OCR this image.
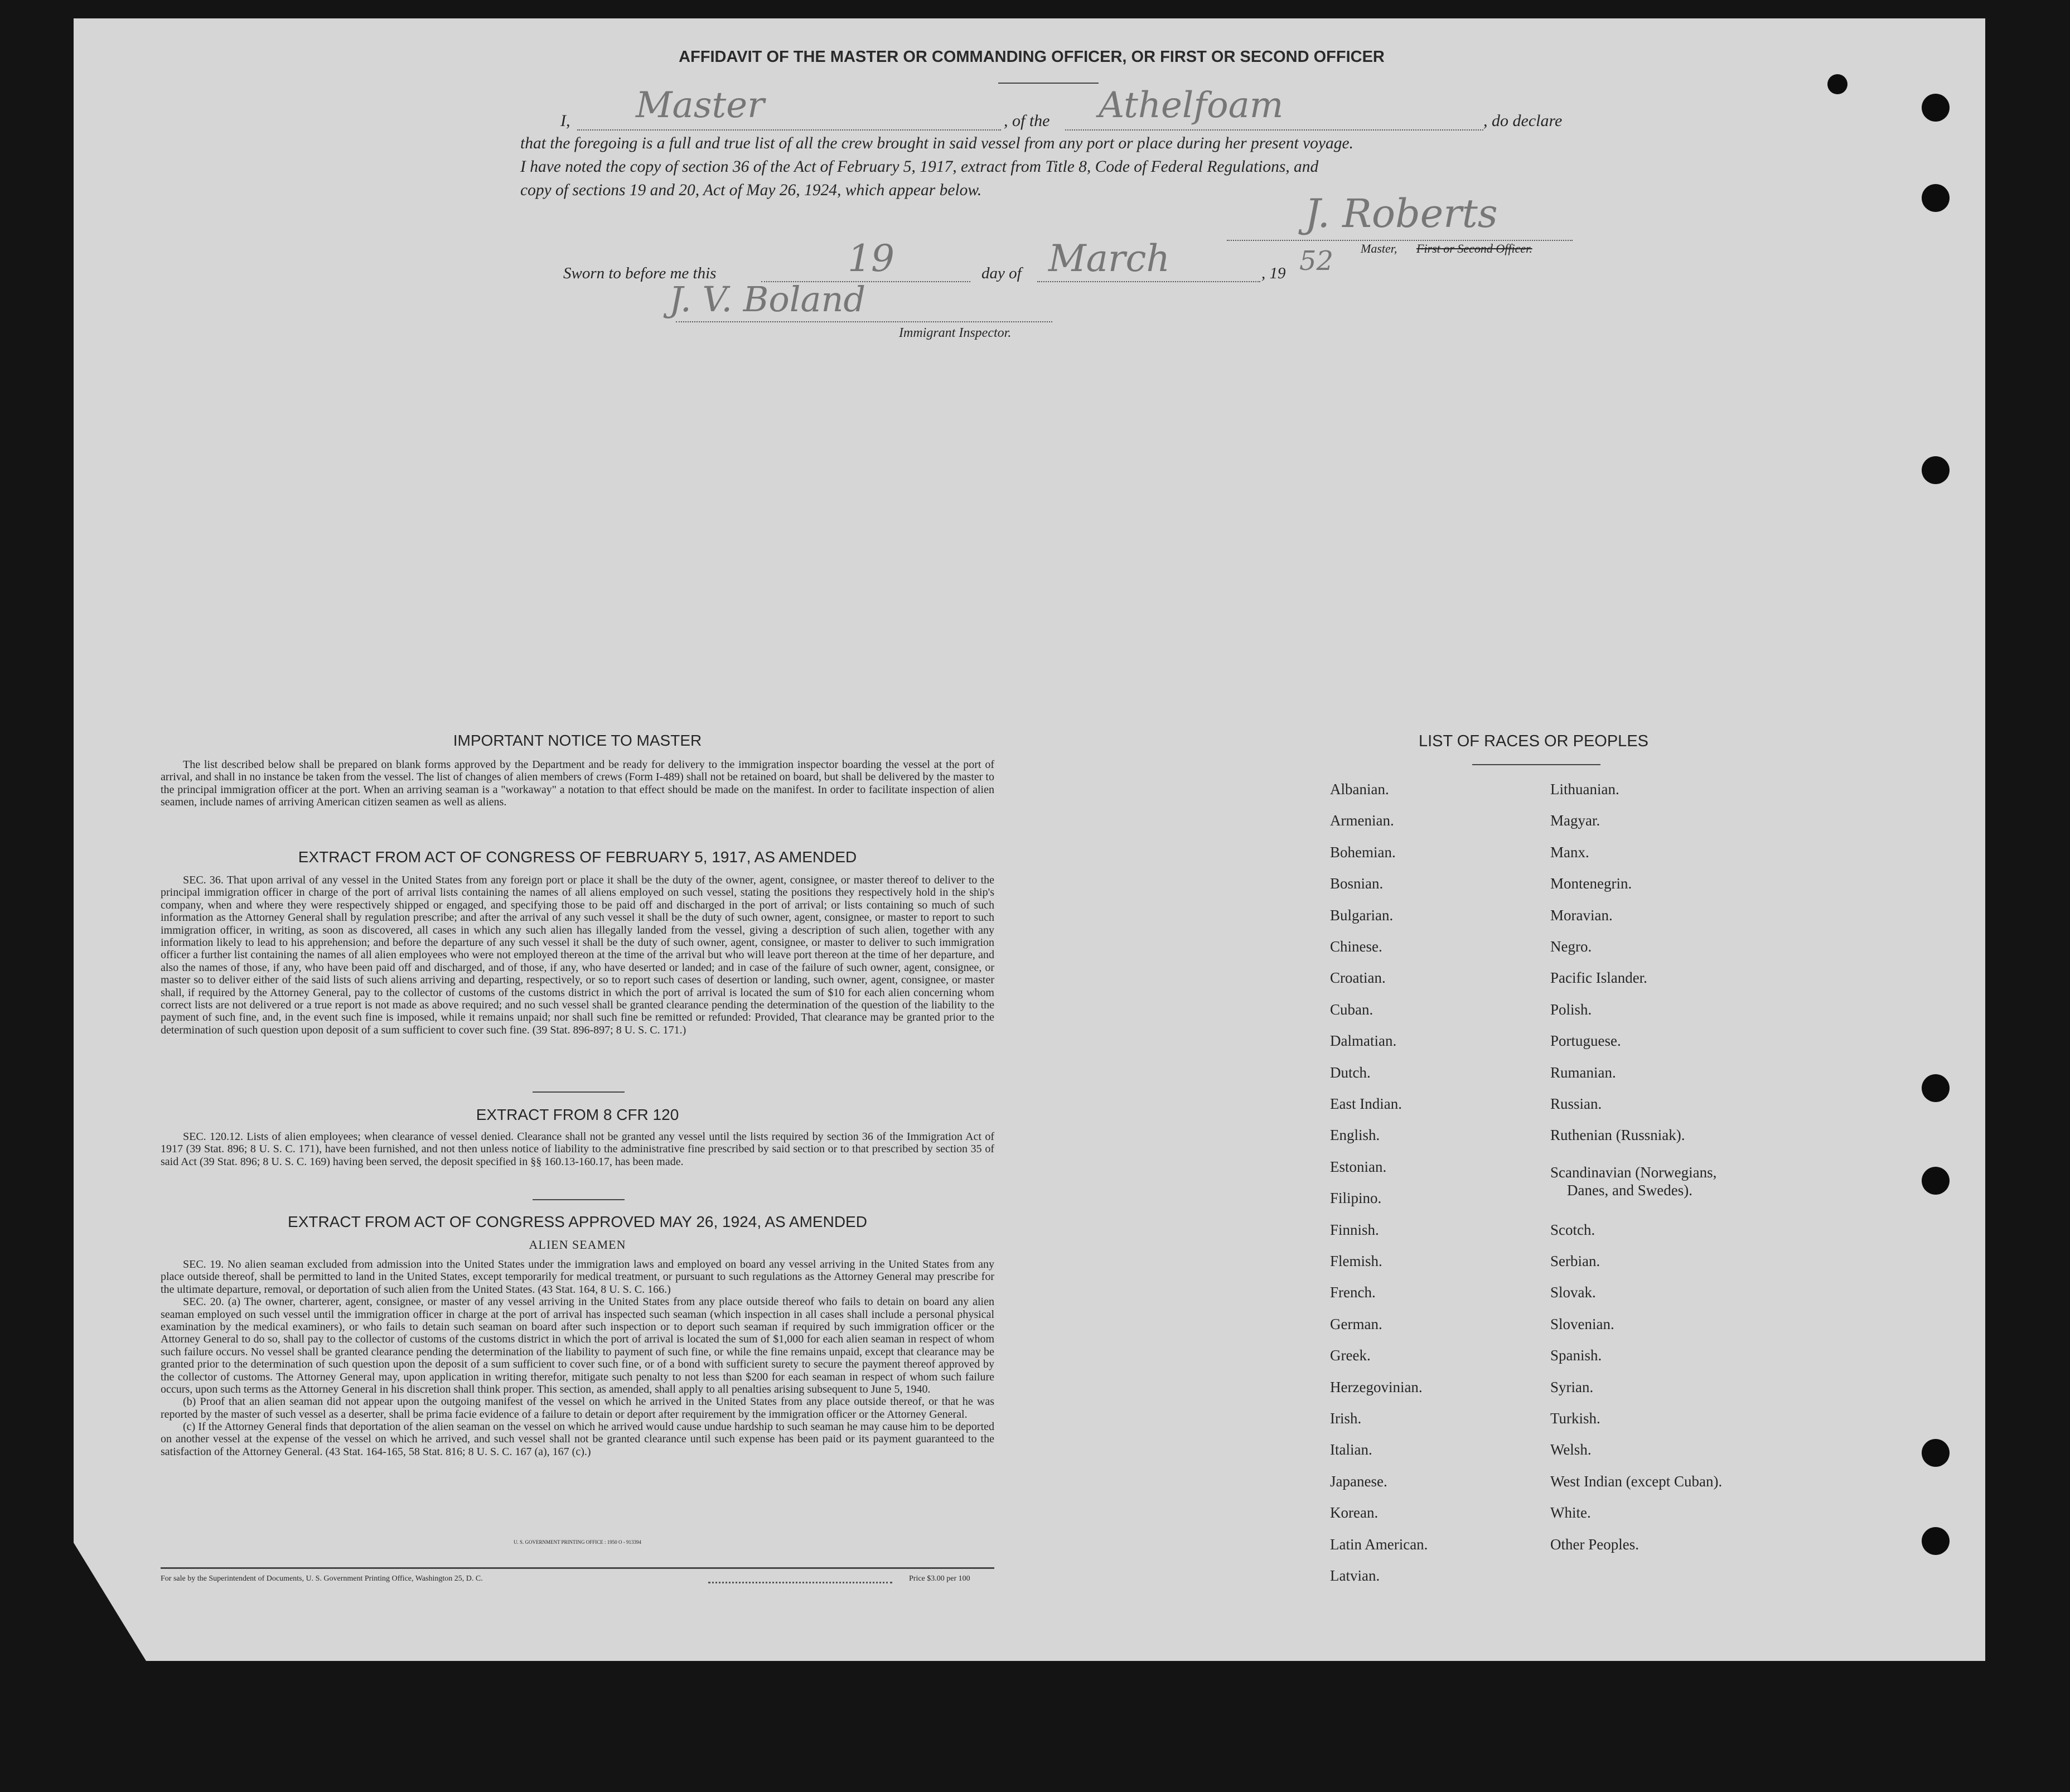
AFFIDAVIT OF THE MASTER OR COMMANDING OFFICER, OR FIRST OR SECOND OFFICER
I, Master	, of the Athelfoam	, do declare
that the foregoing is a full and true list of all the crew brought in said vessel from any port or place during her present voyage.
I have noted the copy of section 36 of the Act of February 5, 1917, extract from Title 8, Code of Federal Regulations, and
copy of sections 19 and 20, Act of May 26, 1924, which appear below.
J. Roberts
Master, First or Second Officer.
Sworn to before me this	19	day of March	, 19 52
J. V. Boland
Immigrant Inspector.
IMPORTANT NOTICE TO MASTER

The list described below shall be prepared on blank forms approved by the Department and be ready for delivery to the immigration inspector boarding the vessel at the port of arrival, and shall in no instance be taken from the vessel. The list of changes of alien members of crews (Form I-489) shall not be retained on board, but shall be delivered by the master to the principal immigration officer at the port. When an arriving seaman is a "workaway" a notation to that effect should be made on the manifest. In order to facilitate inspection of alien seamen, include names of arriving American citizen seamen as well as aliens.

EXTRACT FROM ACT OF CONGRESS OF FEBRUARY 5, 1917, AS AMENDED

SEC. 36. That upon arrival of any vessel in the United States from any foreign port or place it shall be the duty of the owner, agent, consignee, or master thereof to deliver to the principal immigration officer in charge of the port of arrival lists containing the names of all aliens employed on such vessel, stating the positions they respectively hold in the ship's company, when and where they were respectively shipped or engaged, and specifying those to be paid off and discharged in the port of arrival; or lists containing so much of such information as the Attorney General shall by regulation prescribe; and after the arrival of any such vessel it shall be the duty of such owner, agent, consignee, or master to report to such immigration officer, in writing, as soon as discovered, all cases in which any such alien has illegally landed from the vessel, giving a description of such alien, together with any information likely to lead to his apprehension; and before the departure of any such vessel it shall be the duty of such owner, agent, consignee, or master to deliver to such immigration officer a further list containing the names of all alien employees who were not employed thereon at the time of the arrival but who will leave port thereon at the time of her departure, and also the names of those, if any, who have been paid off and discharged, and of those, if any, who have deserted or landed; and in case of the failure of such owner, agent, consignee, or master so to deliver either of the said lists of such aliens arriving and departing, respectively, or so to report such cases of desertion or landing, such owner, agent, consignee, or master shall, if required by the Attorney General, pay to the collector of customs of the customs district in which the port of arrival is located the sum of $10 for each alien concerning whom correct lists are not delivered or a true report is not made as above required; and no such vessel shall be granted clearance pending the determination of the question of the liability to the payment of such fine, and, in the event such fine is imposed, while it remains unpaid; nor shall such fine be remitted or refunded: Provided, That clearance may be granted prior to the determination of such question upon deposit of a sum sufficient to cover such fine. (39 Stat. 896-897; 8 U. S. C. 171.)

EXTRACT FROM 8 CFR 120

SEC. 120.12. Lists of alien employees; when clearance of vessel denied. Clearance shall not be granted any vessel until the lists required by section 36 of the Immigration Act of 1917 (39 Stat. 896; 8 U. S. C. 171), have been furnished, and not then unless notice of liability to the administrative fine prescribed by said section or to that prescribed by section 35 of said Act (39 Stat. 896; 8 U. S. C. 169) having been served, the deposit specified in §§ 160.13-160.17, has been made.

EXTRACT FROM ACT OF CONGRESS APPROVED MAY 26, 1924, AS AMENDED
ALIEN SEAMEN

SEC. 19. No alien seaman excluded from admission into the United States under the immigration laws and employed on board any vessel arriving in the United States from any place outside thereof, shall be permitted to land in the United States, except temporarily for medical treatment, or pursuant to such regulations as the Attorney General may prescribe for the ultimate departure, removal, or deportation of such alien from the United States. (43 Stat. 164, 8 U. S. C. 166.)

SEC. 20. (a) The owner, charterer, agent, consignee, or master of any vessel arriving in the United States from any place outside thereof who fails to detain on board any alien seaman employed on such vessel until the immigration officer in charge at the port of arrival has inspected such seaman (which inspection in all cases shall include a personal physical examination by the medical examiners), or who fails to detain such seaman on board after such inspection or to deport such seaman if required by such immigration officer or the Attorney General to do so, shall pay to the collector of customs of the customs district in which the port of arrival is located the sum of $1,000 for each alien seaman in respect of whom such failure occurs. No vessel shall be granted clearance pending the determination of the liability to payment of such fine, or while the fine remains unpaid, except that clearance may be granted prior to the determination of such question upon the deposit of a sum sufficient to cover such fine, or of a bond with sufficient surety to secure the payment thereof approved by the collector of customs. The Attorney General may, upon application in writing therefor, mitigate such penalty to not less than $200 for each seaman in respect of whom such failure occurs, upon such terms as the Attorney General in his discretion shall think proper. This section, as amended, shall apply to all penalties arising subsequent to June 5, 1940.

(b) Proof that an alien seaman did not appear upon the outgoing manifest of the vessel on which he arrived in the United States from any place outside thereof, or that he was reported by the master of such vessel as a deserter, shall be prima facie evidence of a failure to detain or deport after requirement by the immigration officer or the Attorney General.

(c) If the Attorney General finds that deportation of the alien seaman on the vessel on which he arrived would cause undue hardship to such seaman he may cause him to be deported on another vessel at the expense of the vessel on which he arrived, and such vessel shall not be granted clearance until such expense has been paid or its payment guaranteed to the satisfaction of the Attorney General. (43 Stat. 164-165, 58 Stat. 816; 8 U. S. C. 167 (a), 167 (c).)

U. S. GOVERNMENT PRINTING OFFICE : 1950 O - 913394
For sale by the Superintendent of Documents, U. S. Government Printing Office, Washington 25, D. C.	Price $3.00 per 100
LIST OF RACES OR PEOPLES
Albanian.
Armenian.
Bohemian.
Bosnian.
Bulgarian.
Chinese.
Croatian.
Cuban.
Dalmatian.
Dutch.
East Indian.
English.
Estonian.
Filipino.
Finnish.
Flemish.
French.
German.
Greek.
Herzegovinian.
Irish.
Italian.
Japanese.
Korean.
Latin American.
Latvian.
Lithuanian.
Magyar.
Manx.
Montenegrin.
Moravian.
Negro.
Pacific Islander.
Polish.
Portuguese.
Rumanian.
Russian.
Ruthenian (Russniak).
Scandinavian (Norwegians,
Danes, and Swedes).
Scotch.
Serbian.
Slovak.
Slovenian.
Spanish.
Syrian.
Turkish.
Welsh.
West Indian (except Cuban).
White.
Other Peoples.
